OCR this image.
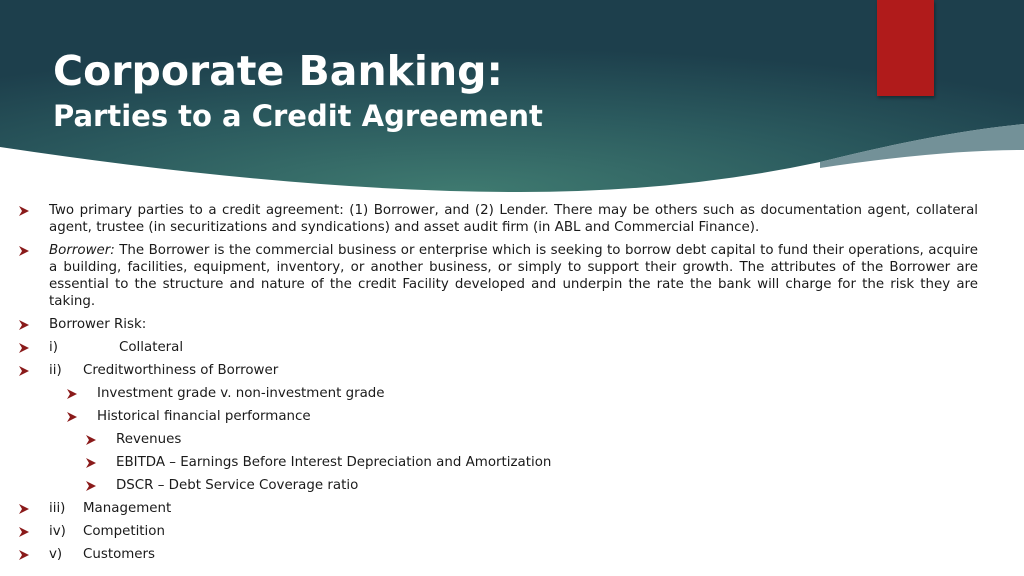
Corporate Banking:
Parties to a Credit Agreement
Two primary parties to a credit agreement: (1) Borrower, and (2) Lender. There may be others such as documentation agent, collateral agent, trustee (in securitizations and syndications) and asset audit firm (in ABL and Commercial Finance).
Borrower: The Borrower is the commercial business or enterprise which is seeking to borrow debt capital to fund their operations, acquire a building, facilities, equipment, inventory, or another business, or simply to support their growth. The attributes of the Borrower are essential to the structure and nature of the credit Facility developed and underpin the rate the bank will charge for the risk they are taking.
Borrower Risk:
i)	Collateral
ii) Creditworthiness of Borrower
Investment grade v. non-investment grade
Historical financial performance
Revenues
EBITDA – Earnings Before Interest Depreciation and Amortization
DSCR – Debt Service Coverage ratio
iii) Management
iv) Competition
v) Customers
